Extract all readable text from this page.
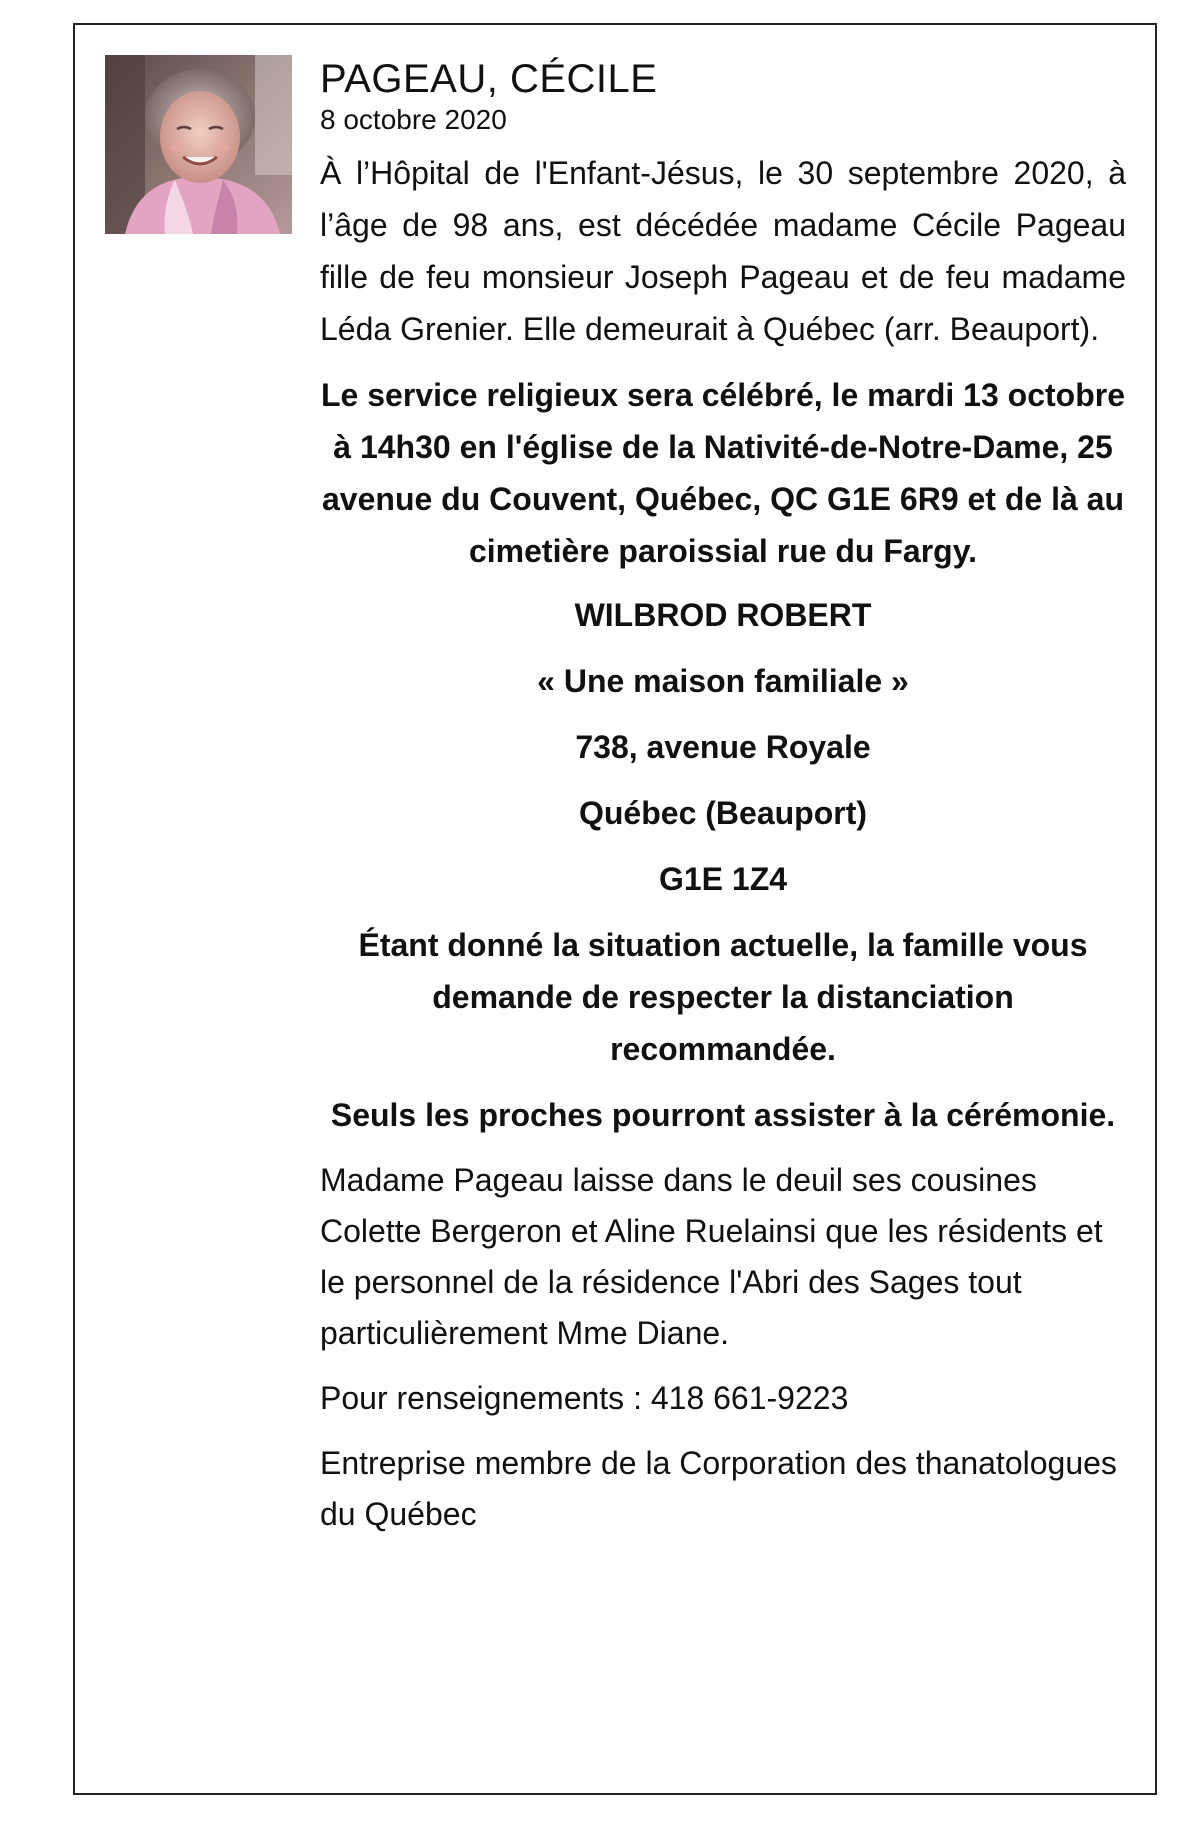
PAGEAU, CÉCILE

8 octobre 2020

À l’Hôpital de l'Enfant-Jésus, le 30 septembre 2020, à l’âge de 98 ans, est décédée madame Cécile Pageau fille de feu monsieur Joseph Pageau et de feu madame Léda Grenier. Elle demeurait à Québec (arr. Beauport).

Le service religieux sera célébré, le mardi 13 octobre à 14h30 en l'église de la Nativité-de-Notre-Dame, 25 avenue du Couvent, Québec, QC G1E 6R9 et de là au cimetière paroissial rue du Fargy.

WILBROD ROBERT

« Une maison familiale »

738, avenue Royale

Québec (Beauport)

G1E 1Z4

Étant donné la situation actuelle, la famille vous demande de respecter la distanciation recommandée.

Seuls les proches pourront assister à la cérémonie.

Madame Pageau laisse dans le deuil ses cousines Colette Bergeron et Aline Ruelainsi que les résidents et le personnel de la résidence l'Abri des Sages tout particulièrement Mme Diane.

Pour renseignements : 418 661-9223

Entreprise membre de la Corporation des thanatologues du Québec
